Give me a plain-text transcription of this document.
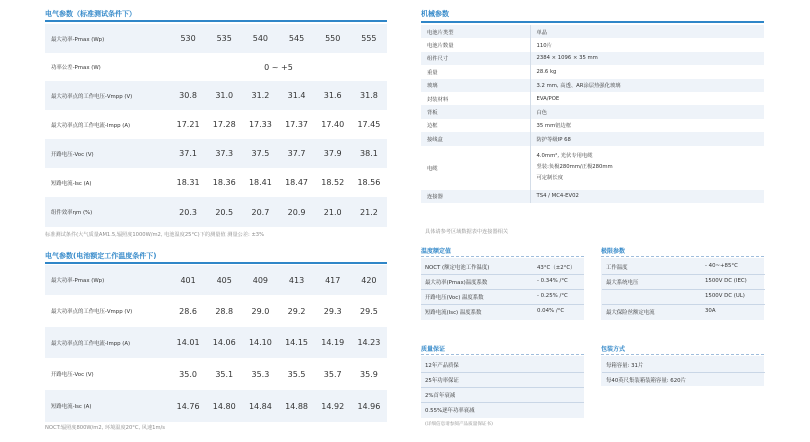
电气参数（标准测试条件下）
最大功率-Pmax (Wp)	530	535	540	545	550	555
功率公差-Pmax (W)	0 ~ +5					
最大功率点的工作电压-Vmpp (V)	30.8	31.0	31.2	31.4	31.6	31.8
最大功率点的工作电流-Impp (A)	17.21	17.28	17.33	17.37	17.40	17.45
开路电压-Voc (V)	37.1	37.3	37.5	37.7	37.9	38.1
短路电流-Isc (A)	18.31	18.36	18.41	18.47	18.52	18.56
组件效率ηm (%)	20.3	20.5	20.7	20.9	21.0	21.2
标准测试条件(大气质量AM1.5,辐照度1000W/m2, 电池温度25°C)下的测量值 测量公差: ±3%
电气参数(电池额定工作温度条件下)
最大功率-Pmax (Wp)	401	405	409	413	417	420
最大功率点的工作电压-Vmpp (V)	28.6	28.8	29.0	29.2	29.3	29.5
最大功率点的工作电流-Impp (A)	14.01	14.06	14.10	14.15	14.19	14.23
开路电压-Voc (V)	35.0	35.1	35.3	35.5	35.7	35.9
短路电流-Isc (A)	14.76	14.80	14.84	14.88	14.92	14.96
NOCT:辐照度800W/m2, 环境温度20°C, 风速1m/s
机械参数
电池片类型	单晶
电池片数量	110片
组件尺寸	2384 × 1096 × 35 mm
重量	28.6 kg
玻璃	3.2 mm, 高透、AR涂层热强化玻璃
封装材料	EVA/POE
背板	白色
边框	35 mm铝边框
接线盒	防护等级IP 68
电缆	4.0mm², 光伏专用电缆
竖装:负极280mm/正极280mm
可定制长度

连接器	TS4 / MC4-EV02
具体请参考区域数据表中连接器相关
温度额定值
NOCT (额定电池工作温度)	43°C（±2°C）
最大功率(Pmax)温度系数	- 0.34% /°C
开路电压(Voc) 温度系数	- 0.25% /°C
短路电流(Isc) 温度系数	0.04% /°C
极限参数
工作温度	- 40~+85°C
最大系统电压	1500V DC (IEC)
1500V DC (UL)
最大保险丝额定电流	30A
质量保证
12年产品质保
25年功率保证
2%首年衰减
0.55%逐年功率衰减
(详细信息请参阅产品质量保证书)
包装方式
每箱容量: 31片
每40英尺集装箱装箱容量: 620片
